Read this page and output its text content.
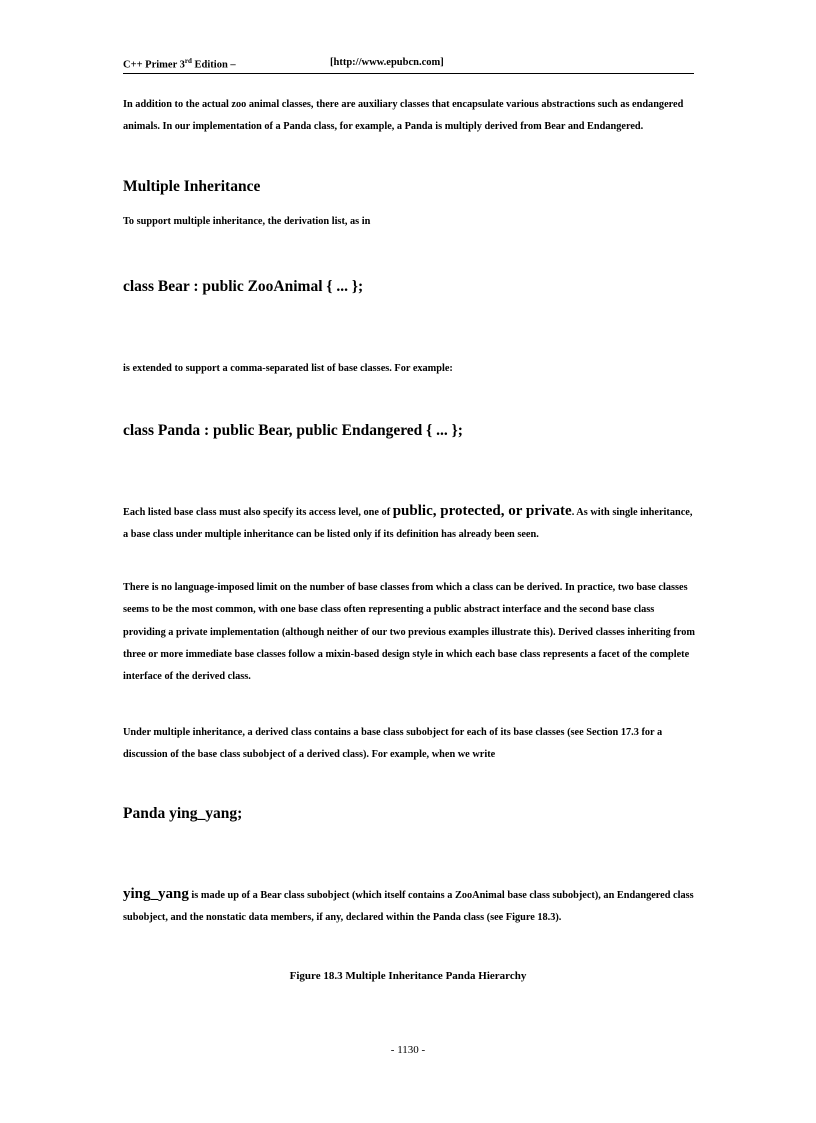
C++ Primer 3rd Edition –	[http://www.epubcn.com]

In addition to the actual zoo animal classes, there are auxiliary classes that encapsulate various abstractions such as endangered animals. In our implementation of a Panda class, for example, a Panda is multiply derived from Bear and Endangered.

Multiple Inheritance

To support multiple inheritance, the derivation list, as in

class Bear : public ZooAnimal { ... };

is extended to support a comma-separated list of base classes. For example:

class Panda : public Bear, public Endangered { ... };

Each listed base class must also specify its access level, one of public, protected, or private. As with single inheritance, a base class under multiple inheritance can be listed only if its definition has already been seen.

There is no language-imposed limit on the number of base classes from which a class can be derived. In practice, two base classes seems to be the most common, with one base class often representing a public abstract interface and the second base class providing a private implementation (although neither of our two previous examples illustrate this). Derived classes inheriting from three or more immediate base classes follow a mixin-based design style in which each base class represents a facet of the complete interface of the derived class.

Under multiple inheritance, a derived class contains a base class subobject for each of its base classes (see Section 17.3 for a discussion of the base class subobject of a derived class). For example, when we write

Panda ying_yang;

ying_yang is made up of a Bear class subobject (which itself contains a ZooAnimal base class subobject), an Endangered class subobject, and the nonstatic data members, if any, declared within the Panda class (see Figure 18.3).

Figure 18.3 Multiple Inheritance Panda Hierarchy

- 1130 -
